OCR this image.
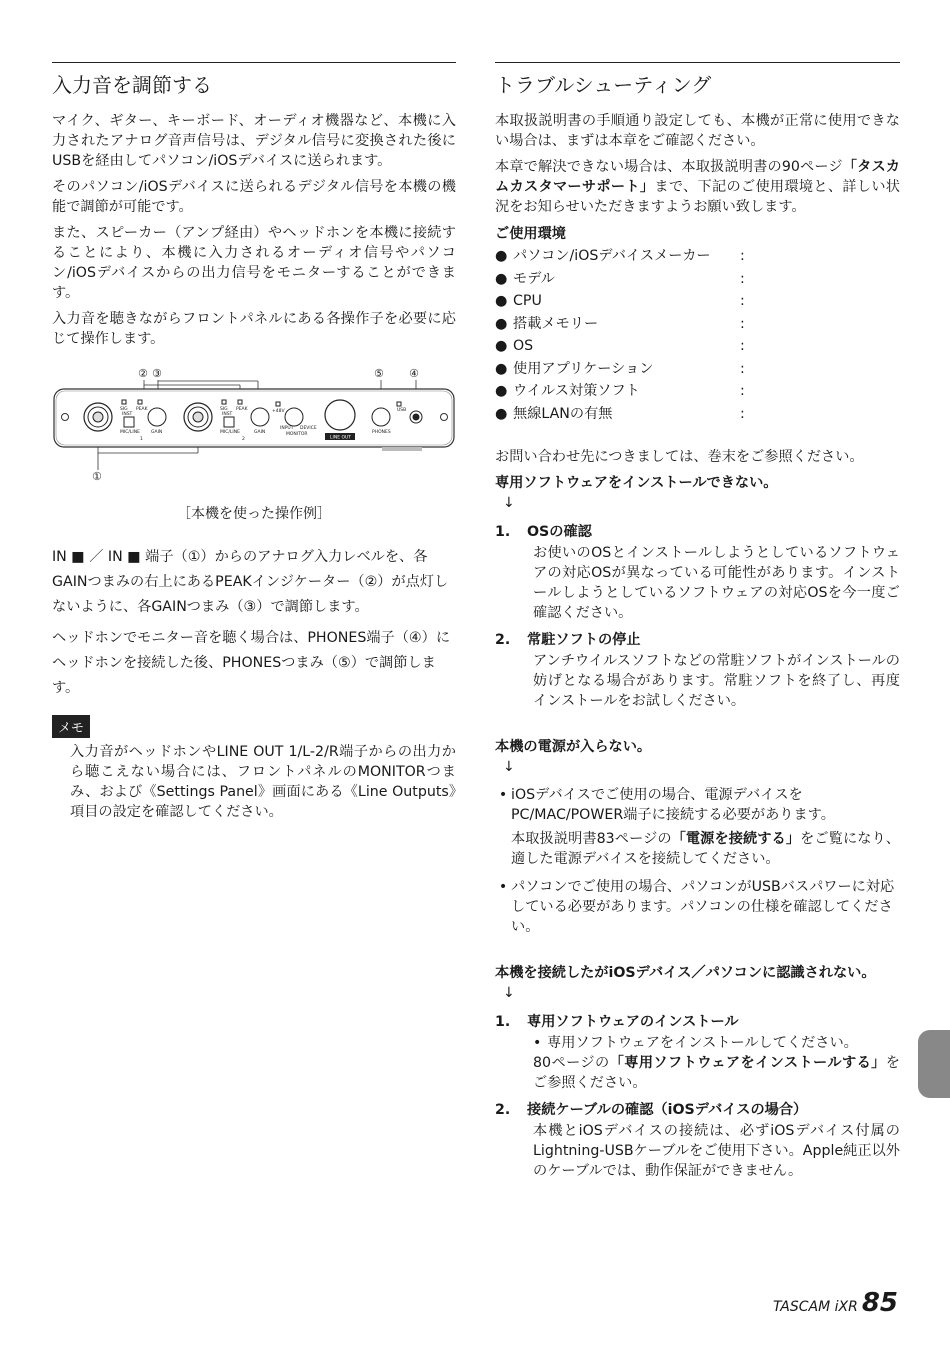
入力音を調節する

マイク、ギター、キーボード、オーディオ機器など、本機に入力されたアナログ音声信号は、デジタル信号に変換された後にUSBを経由してパソコン/iOSデバイスに送られます。

そのパソコン/iOSデバイスに送られるデジタル信号を本機の機能で調節が可能です。

また、スピーカー（アンプ経由）やヘッドホンを本機に接続することにより、本機に入力されるオーディオ信号やパソコン/iOSデバイスからの出力信号をモニターすることができます。

入力音を聴きながらフロントパネルにある各操作子を必要に応じて操作します。

② ③	⑤ ④
①
SIG PEAK	SIG PEAK
INST	INST
MIC/LINE	MIC/LINE
GAIN	GAIN
1	2
+48V
INPUT DEVICE
MONITOR	PHONES
USB
LINE OUT
［本機を使った操作例］
IN ■ ／ IN ■ 端子（①）からのアナログ入力レベルを、各GAINつまみの右上にあるPEAKインジケーター（②）が点灯しないように、各GAINつまみ（③）で調節します。
ヘッドホンでモニター音を聴く場合は、PHONES端子（④）にヘッドホンを接続した後、PHONESつまみ（⑤）で調節します。
メモ
入力音がヘッドホンやLINE OUT 1/L-2/R端子からの出力から聴こえない場合には、フロントパネルのMONITORつまみ、および《Settings Panel》画面にある《Line Outputs》項目の設定を確認してください。
トラブルシューティング

本取扱説明書の手順通り設定しても、本機が正常に使用できない場合は、まずは本章をご確認ください。

本章で解決できない場合は、本取扱説明書の90ページ「タスカムカスタマーサポート」まで、下記のご使用環境と、詳しい状況をお知らせいただきますようお願い致します。

ご使用環境
● パソコン/iOSデバイスメーカー	:
● モデル	:
● CPU	:
● 搭載メモリー	:
● OS	:
● 使用アプリケーション	:
● ウイルス対策ソフト	:
● 無線LANの有無	:

お問い合わせ先につきましては、巻末をご参照ください。

専用ソフトウェアをインストールできない。
↓
1. OSの確認
お使いのOSとインストールしようとしているソフトウェアの対応OSが異なっている可能性があります。インストールしようとしているソフトウェアの対応OSを今一度ご確認ください。
2. 常駐ソフトの停止
アンチウイルスソフトなどの常駐ソフトがインストールの妨げとなる場合があります。常駐ソフトを終了し、再度インストールをお試しください。
本機の電源が入らない。
↓
• iOSデバイスでご使用の場合、電源デバイスをPC/MAC/POWER端子に接続する必要があります。
本取扱説明書83ページの「電源を接続する」をご覧になり、適した電源デバイスを接続してください。
• パソコンでご使用の場合、パソコンがUSBバスパワーに対応している必要があります。パソコンの仕様を確認してください。
本機を接続したがiOSデバイス／パソコンに認識されない。
↓
1. 専用ソフトウェアのインストール
• 専用ソフトウェアをインストールしてください。
80ページの「専用ソフトウェアをインストールする」をご参照ください。
2. 接続ケーブルの確認（iOSデバイスの場合）
本機とiOSデバイスの接続は、必ずiOSデバイス付属のLightning-USBケーブルをご使用下さい。Apple純正以外のケーブルでは、動作保証ができません。
TASCAM iXR 85
